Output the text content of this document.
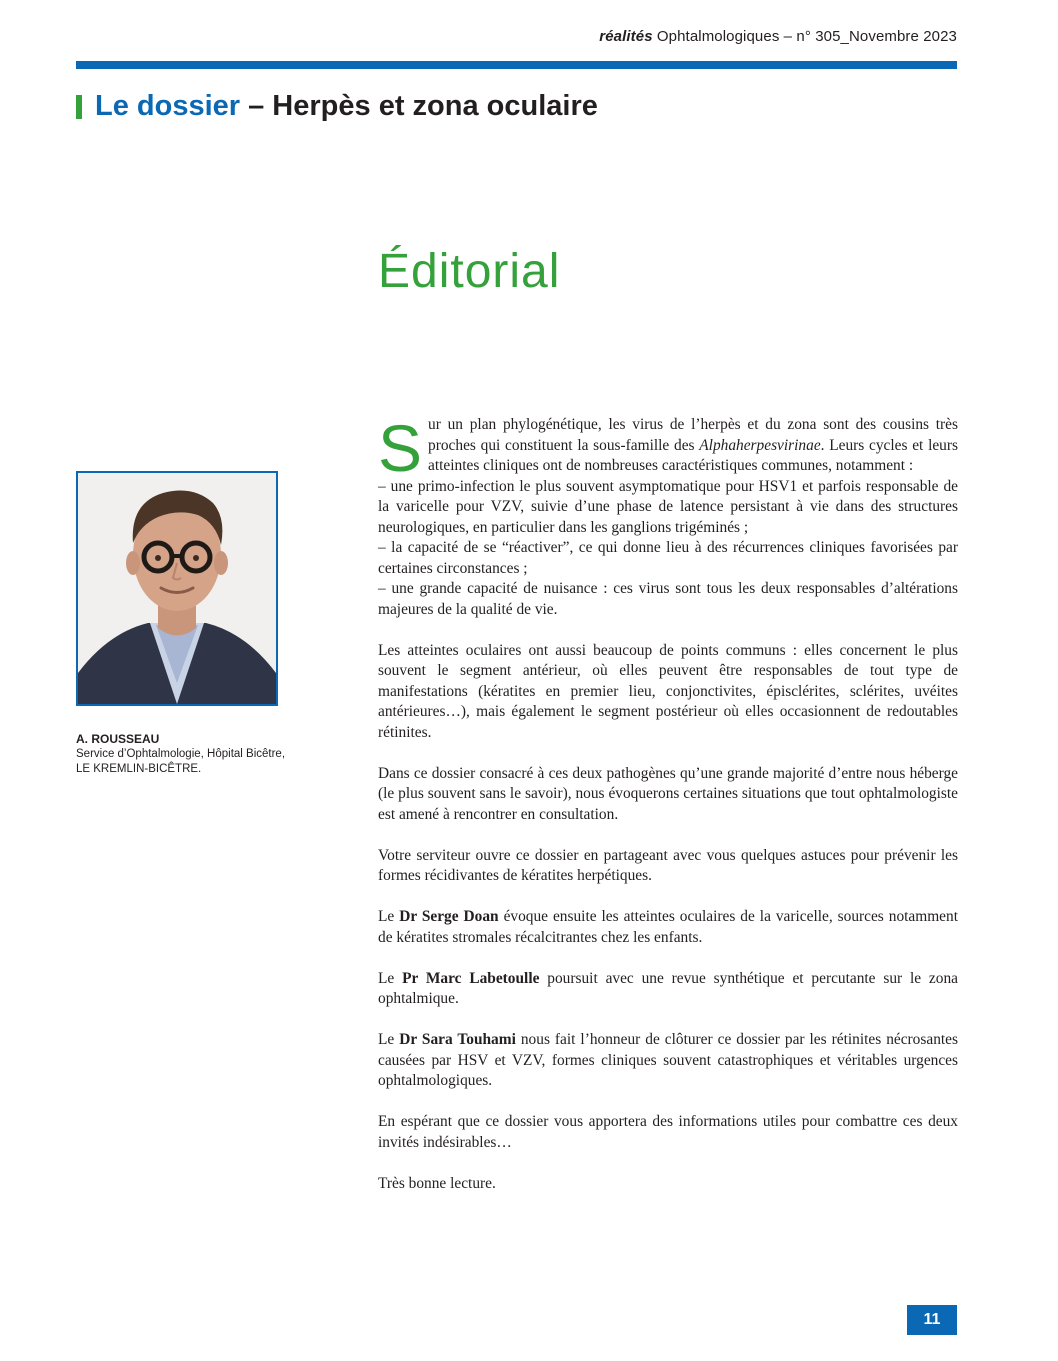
réalités Ophtalmologiques – n° 305_Novembre 2023
Le dossier – Herpès et zona oculaire
Éditorial
A. ROUSSEAU
Service d’Ophtalmologie, Hôpital Bicêtre,
LE KREMLIN-BICÊTRE.

Sur un plan phylogénétique, les virus de l’herpès et du zona sont des cousins très proches qui constituent la sous-famille des Alphaherpesvirinae. Leurs cycles et leurs atteintes cliniques ont de nombreuses caractéristiques communes, notamment :
– une primo-infection le plus souvent asymptomatique pour HSV1 et parfois responsable de la varicelle pour VZV, suivie d’une phase de latence persistant à vie dans des structures neurologiques, en particulier dans les ganglions trigéminés ;
– la capacité de se “réactiver”, ce qui donne lieu à des récurrences cliniques favorisées par certaines circonstances ;
– une grande capacité de nuisance : ces virus sont tous les deux responsables d’altérations majeures de la qualité de vie.

Les atteintes oculaires ont aussi beaucoup de points communs : elles concernent le plus souvent le segment antérieur, où elles peuvent être responsables de tout type de manifestations (kératites en premier lieu, conjonctivites, épisclérites, sclérites, uvéites antérieures…), mais également le segment postérieur où elles occasionnent de redoutables rétinites.

Dans ce dossier consacré à ces deux pathogènes qu’une grande majorité d’entre nous héberge (le plus souvent sans le savoir), nous évoquerons certaines situations que tout ophtalmologiste est amené à rencontrer en consultation.

Votre serviteur ouvre ce dossier en partageant avec vous quelques astuces pour prévenir les formes récidivantes de kératites herpétiques.

Le Dr Serge Doan évoque ensuite les atteintes oculaires de la varicelle, sources notamment de kératites stromales récalcitrantes chez les enfants.

Le Pr Marc Labetoulle poursuit avec une revue synthétique et percutante sur le zona ophtalmique.

Le Dr Sara Touhami nous fait l’honneur de clôturer ce dossier par les rétinites nécrosantes causées par HSV et VZV, formes cliniques souvent catastrophiques et véritables urgences ophtalmologiques.

En espérant que ce dossier vous apportera des informations utiles pour combattre ces deux invités indésirables…

Très bonne lecture.

11
